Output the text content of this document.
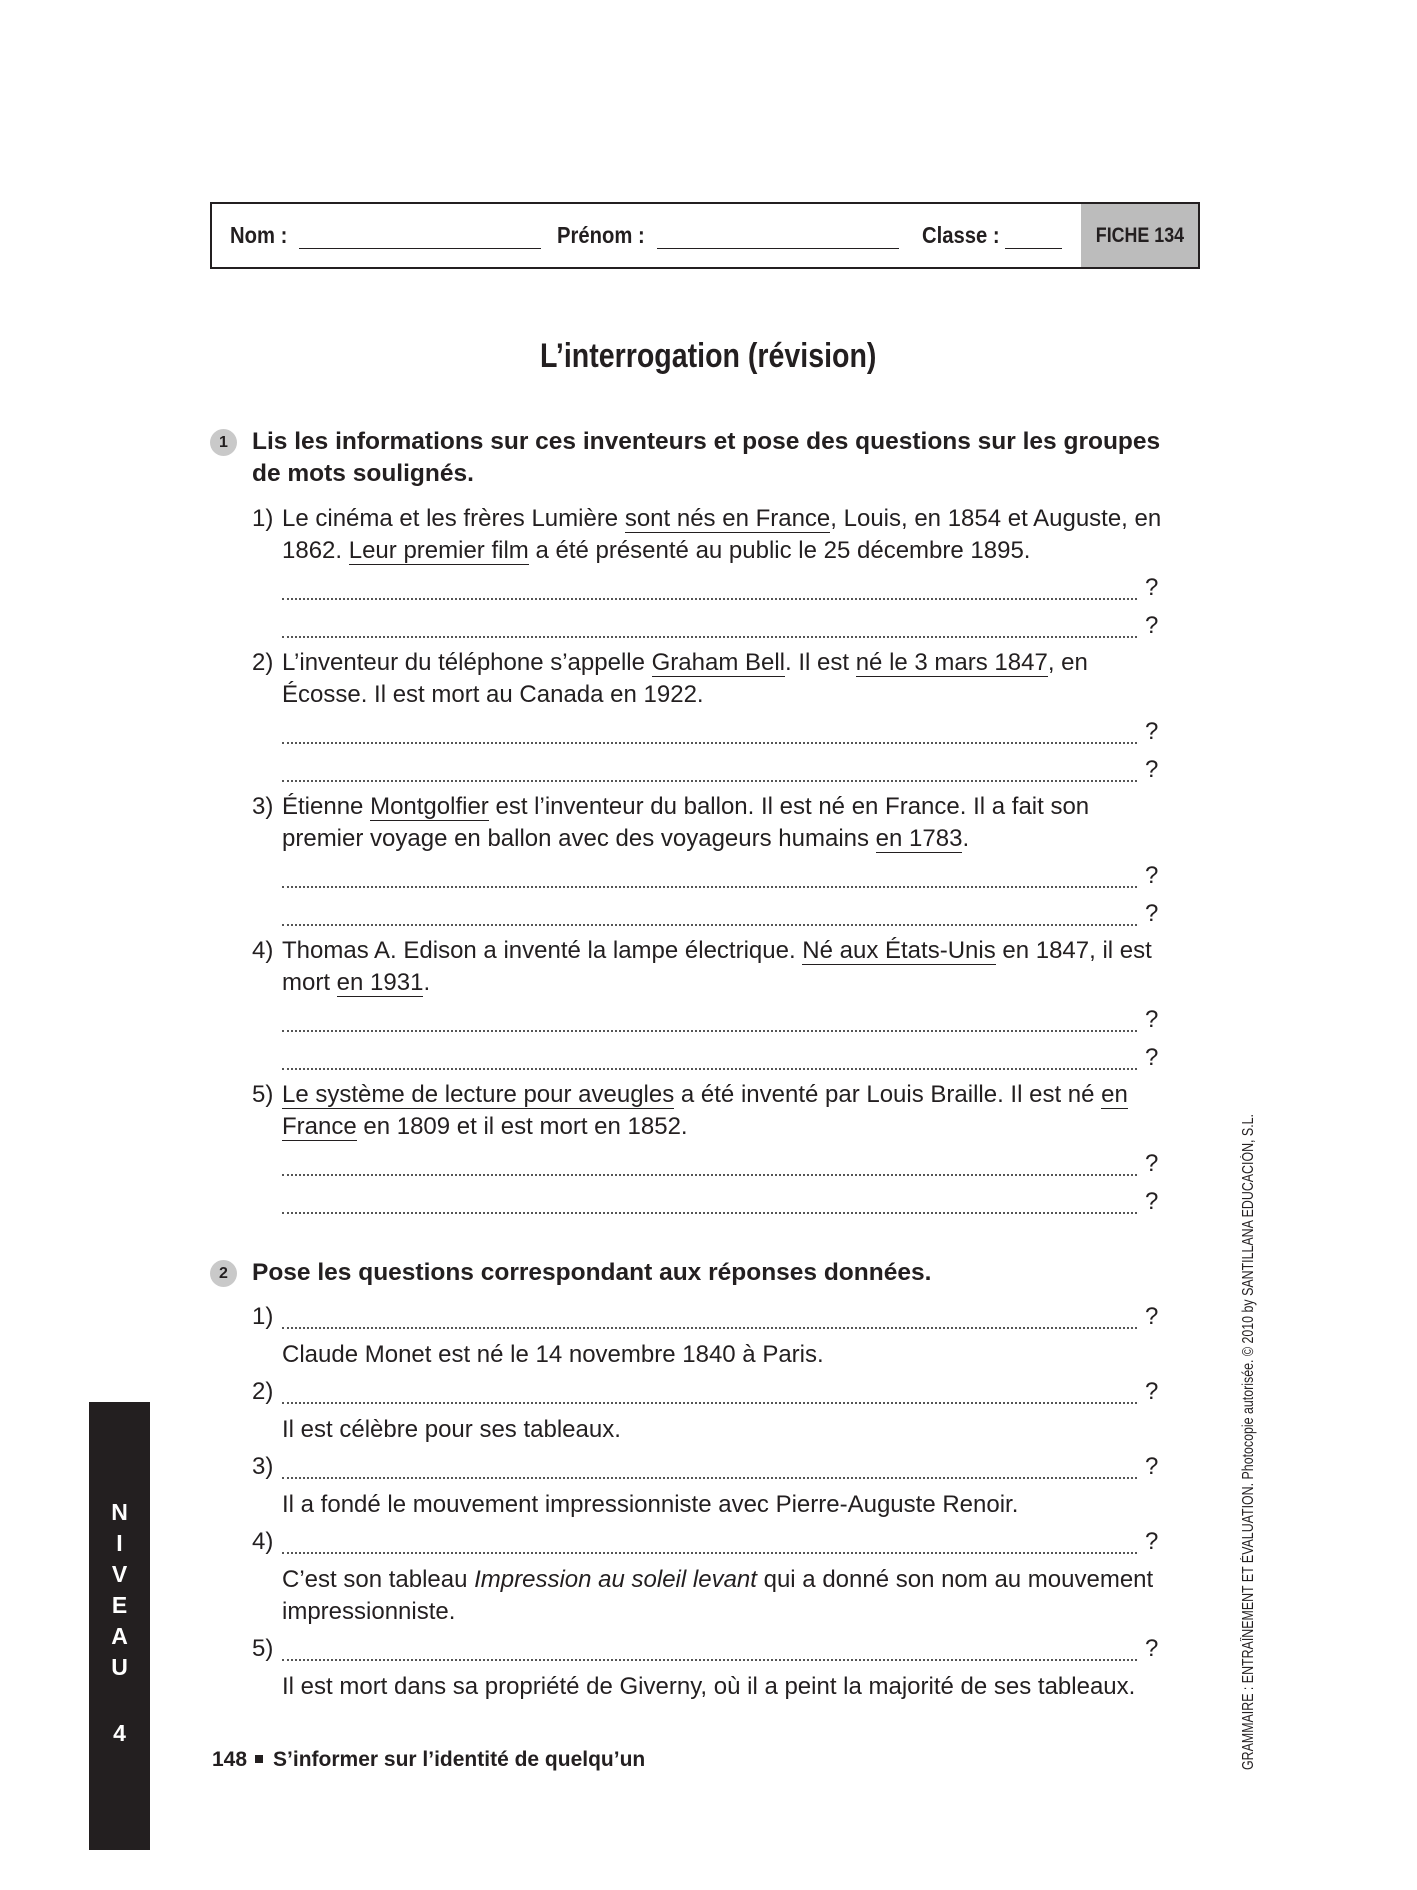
Nom :	Prénom :	Classe :	FICHE 134
L’interrogation (révision)
1 Lis les informations sur ces inventeurs et pose des questions sur les groupes de mots soulignés.
1) Le cinéma et les frères Lumière sont nés en France, Louis, en 1854 et Auguste, en 1862. Leur premier film a été présenté au public le 25 décembre 1895.
?
?
2) L’inventeur du téléphone s’appelle Graham Bell. Il est né le 3 mars 1847, en Écosse. Il est mort au Canada en 1922.
?
?
3) Étienne Montgolfier est l’inventeur du ballon. Il est né en France. Il a fait son premier voyage en ballon avec des voyageurs humains en 1783.
?
?
4) Thomas A. Edison a inventé la lampe électrique. Né aux États-Unis en 1847, il est mort en 1931.
?
?
5) Le système de lecture pour aveugles a été inventé par Louis Braille. Il est né en France en 1809 et il est mort en 1852.
?
?
2 Pose les questions correspondant aux réponses données.
1)	?
Claude Monet est né le 14 novembre 1840 à Paris.
2)	?
Il est célèbre pour ses tableaux.
3)	?
Il a fondé le mouvement impressionniste avec Pierre-Auguste Renoir.
4)	?
C’est son tableau Impression au soleil levant qui a donné son nom au mouvement impressionniste.
5)	?
Il est mort dans sa propriété de Giverny, où il a peint la majorité de ses tableaux.
148 S’informer sur l’identité de quelqu’un
N
I
V
E
A
U
4	GRAMMAIRE : ENTRAÎNEMENT ET ÉVALUATION. Photocopie autorisée. © 2010 by SANTILLANA EDUCACIÓN, S.L.
